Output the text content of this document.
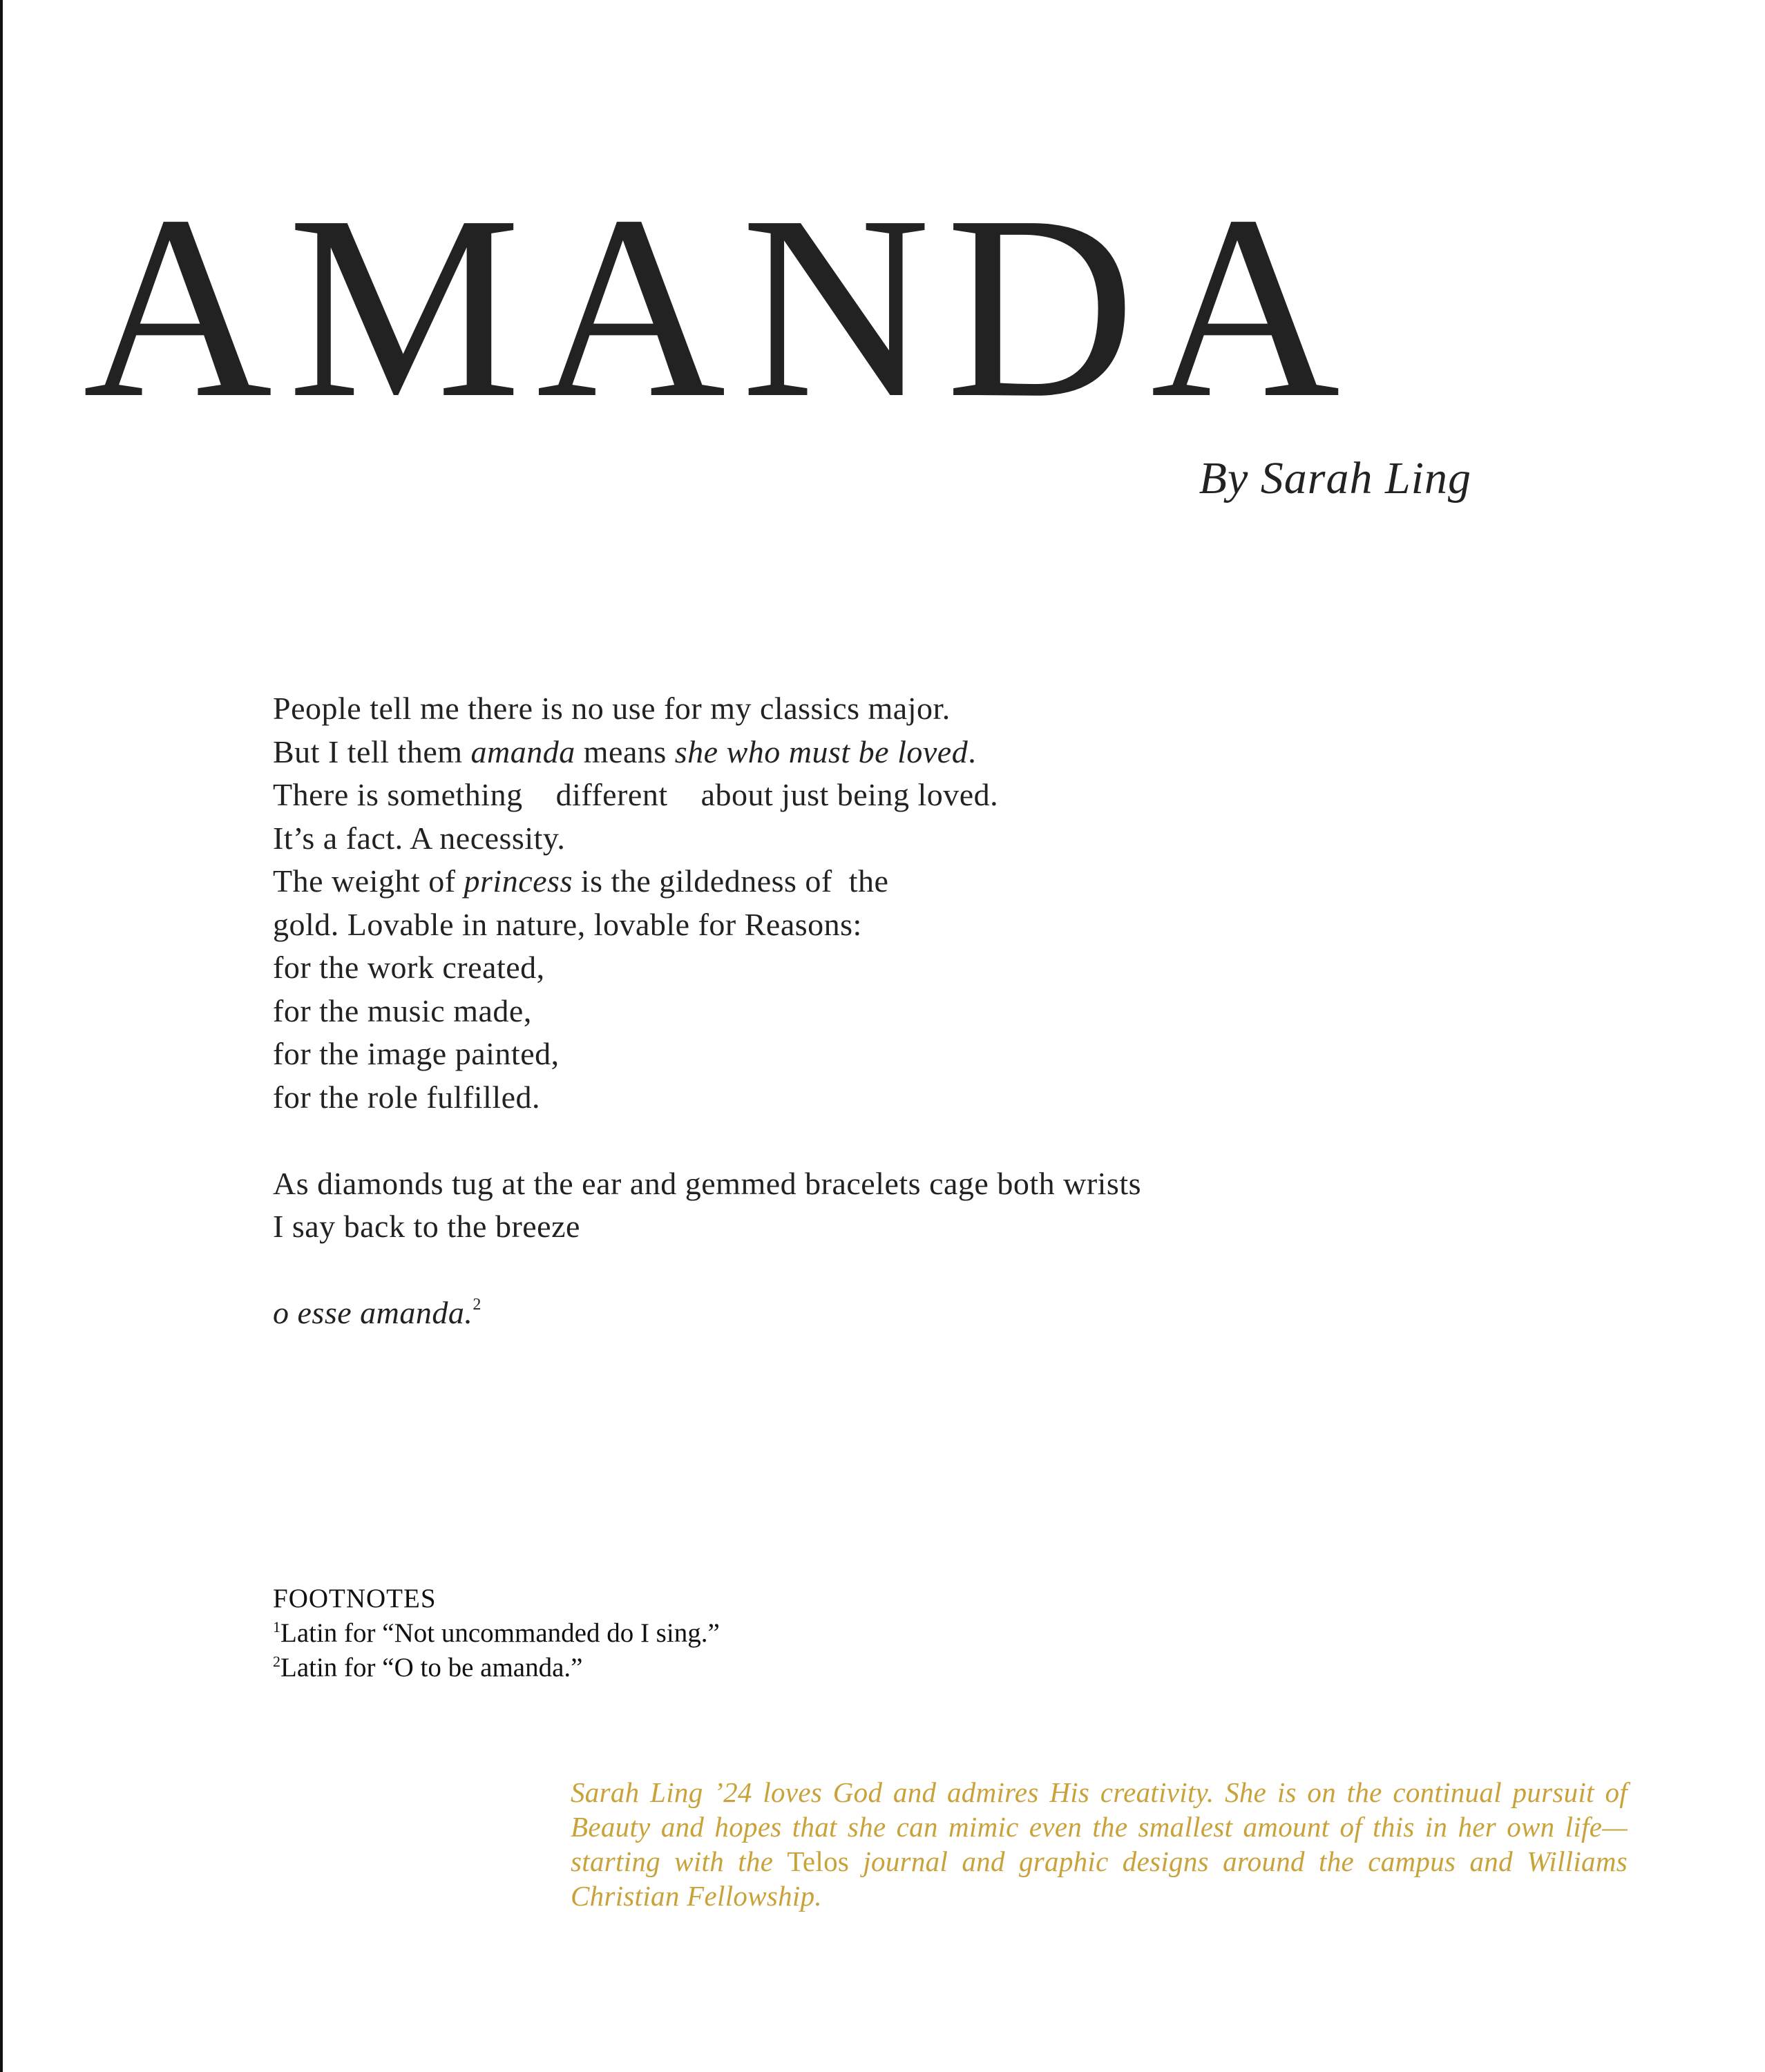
AMANDA
By Sarah Ling
People tell me there is no use for my classics major.
But I tell them amanda means she who must be loved.
There is something    different    about just being loved.
It’s a fact. A necessity.
The weight of princess is the gildedness of  the
gold. Lovable in nature, lovable for Reasons:
for the work created,
for the music made,
for the image painted,
for the role fulfilled.
As diamonds tug at the ear and gemmed bracelets cage both wrists
I say back to the breeze
o esse amanda.$^2$
FOOTNOTES
$^1$Latin for “Not uncommanded do I sing.”
$^2$Latin for “O to be amanda.”
Sarah Ling ’24 loves God and admires His creativity. She is on the continual pursuit of Beauty and hopes that she can mimic even the smallest amount of this in her own life—starting with the Telos journal and graphic designs around the campus and Williams Christian Fellowship.
